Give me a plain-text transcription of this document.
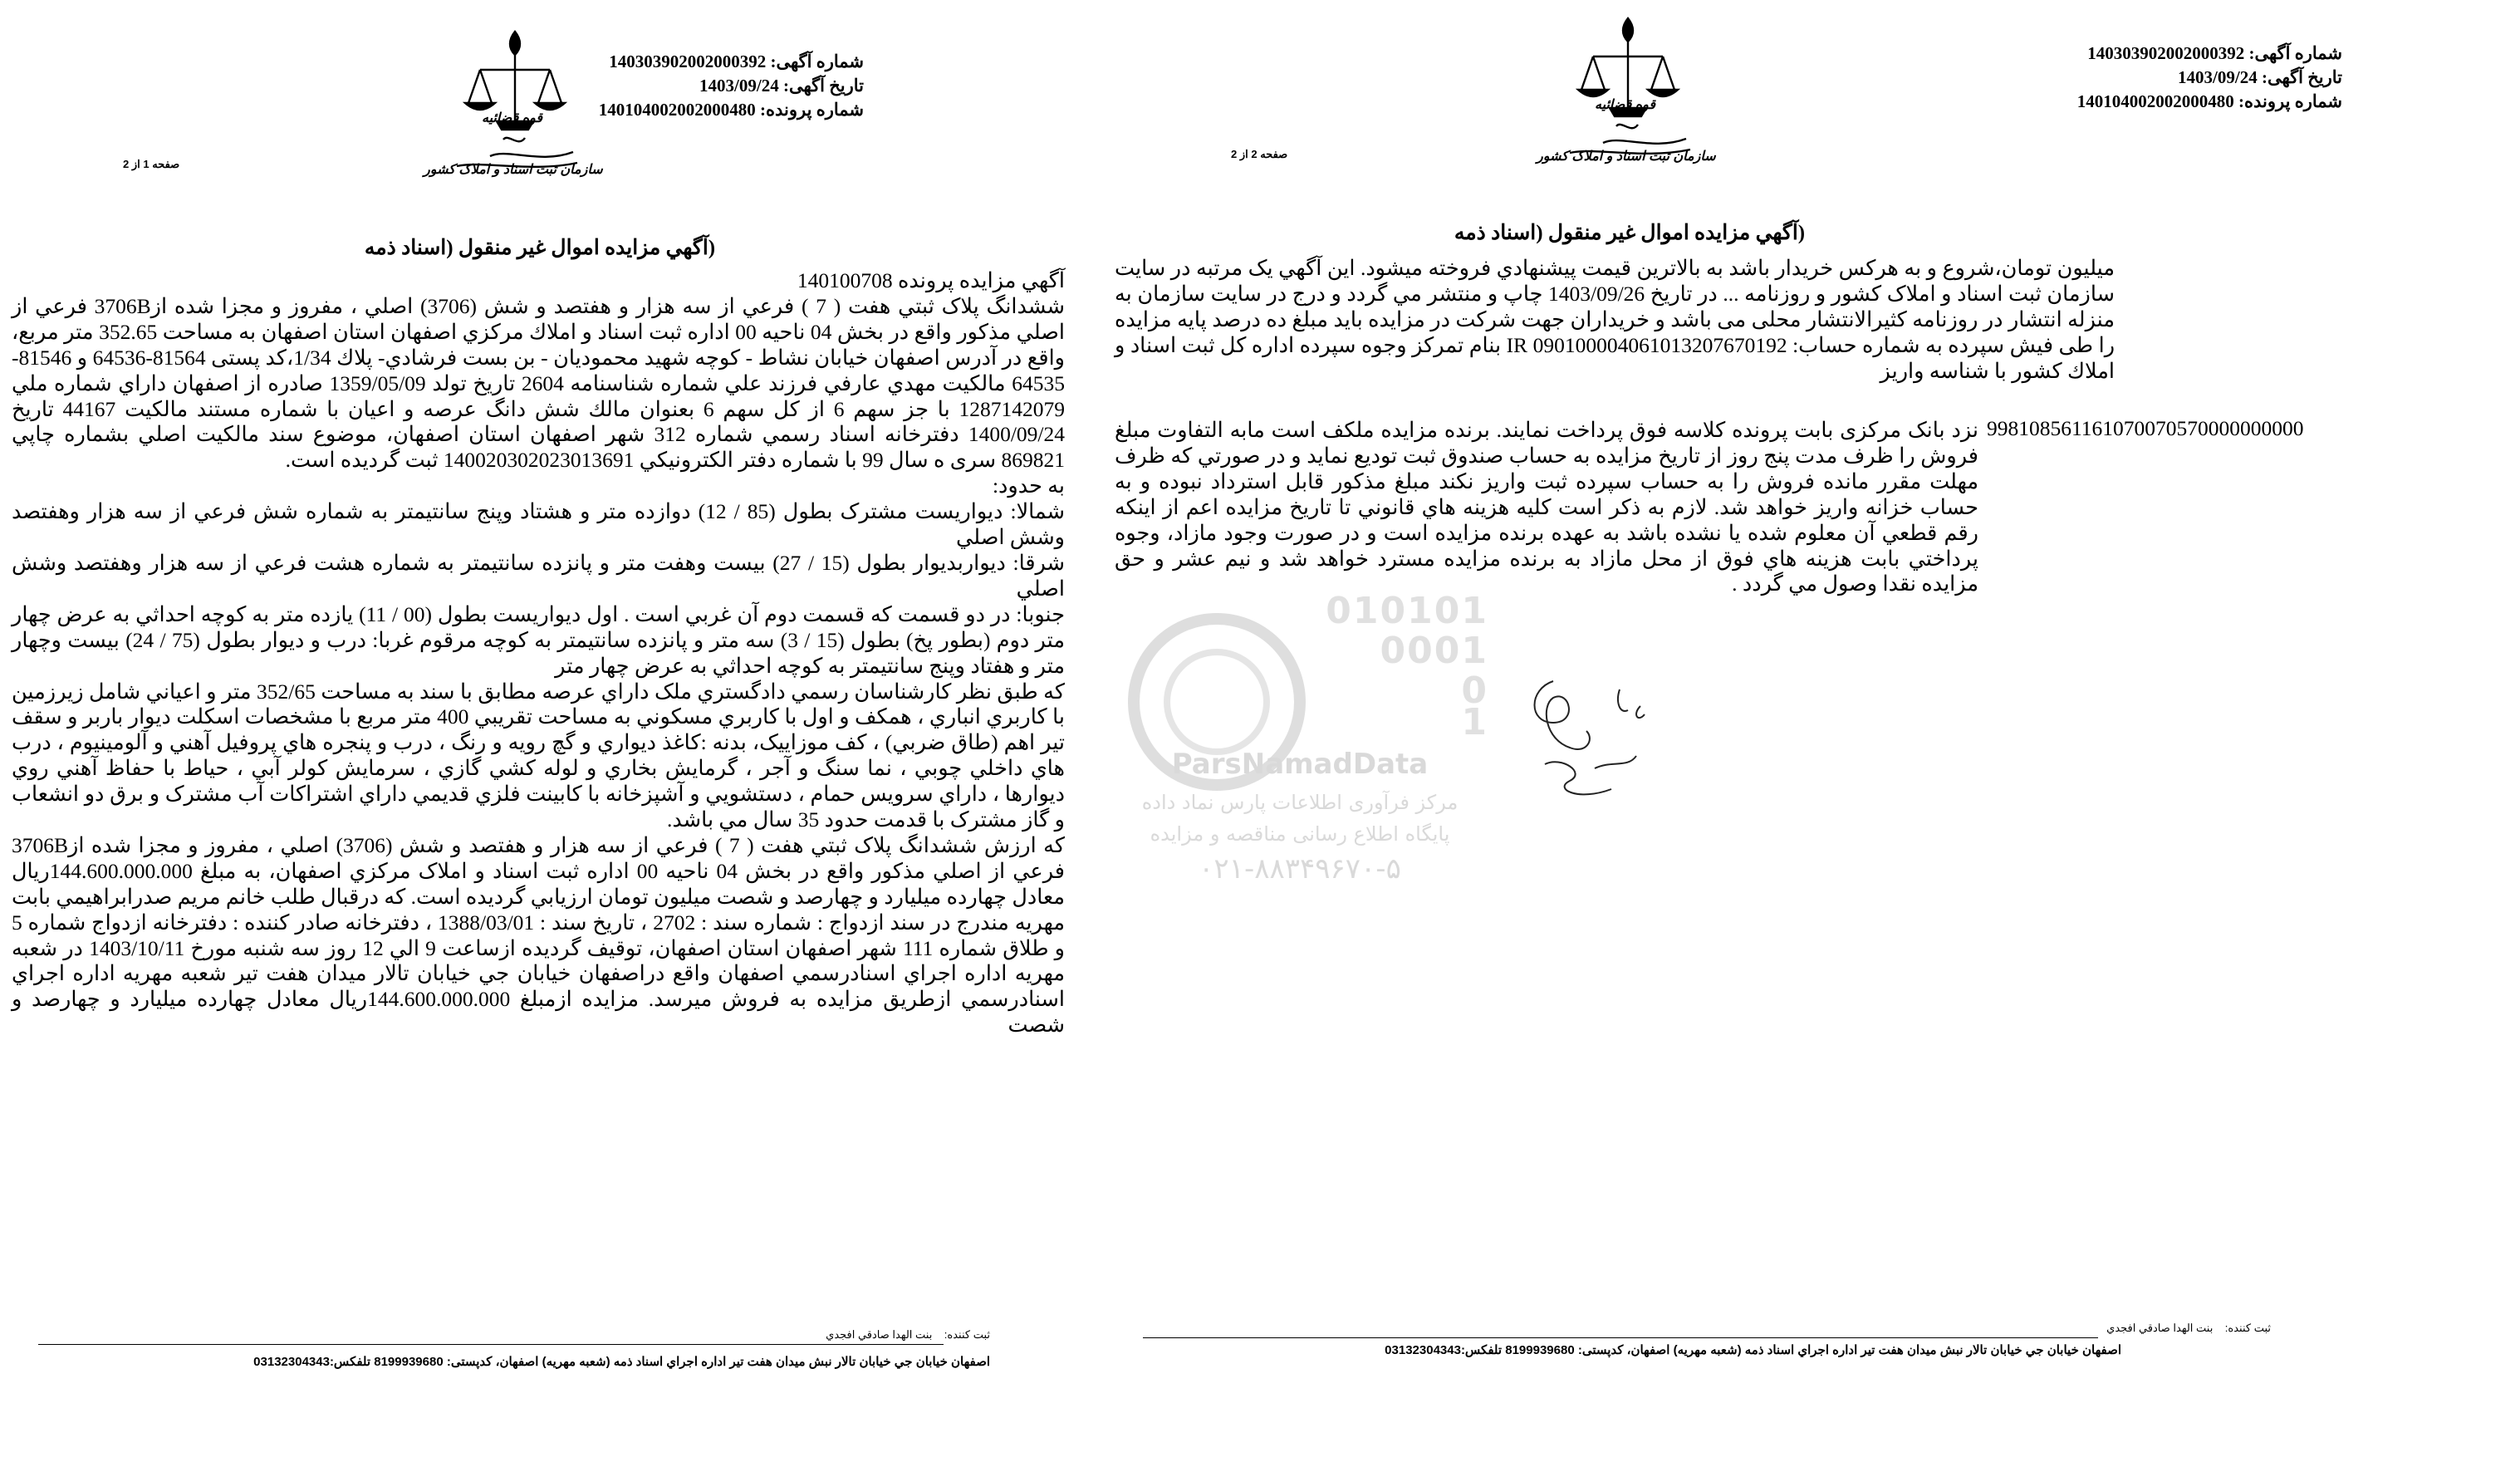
قوه قضائیه
سازمان ثبت اسناد و املاک کشور
شماره آگهی: 140303902002000392
تاریخ آگهی: 1403/09/24
شماره پرونده: 140104002002000480
صفحه 1 از 2
(آگهي مزايده اموال غير منقول (اسناد ذمه

آگهي مزايده پرونده 140100708

ششدانگ پلاک ثبتي هفت ( 7 ) فرعي از سه هزار و هفتصد و شش (3706) اصلي ، مفروز و مجزا شده از3706B فرعي از اصلي مذكور واقع در بخش 04 ناحيه 00 اداره ثبت اسناد و املاك مركزي اصفهان استان اصفهان به مساحت 352.65 متر مربع، واقع در آدرس اصفهان خيابان نشاط - کوچه شهيد محمودیان - بن بست فرشادي- پلاك 1/34،کد پستی 81564-64536 و 81546-64535 مالكيت مهدي عارفي فرزند علي شماره شناسنامه 2604 تاريخ تولد 1359/05/09 صادره از اصفهان داراي شماره ملي 1287142079 با جز سهم 6 از كل سهم 6 بعنوان مالك شش دانگ عرصه و اعيان با شماره مستند مالكيت 44167 تاريخ 1400/09/24 دفترخانه اسناد رسمي شماره 312 شهر اصفهان استان اصفهان، موضوع سند مالكيت اصلي بشماره چاپي 869821 سری ه سال 99 با شماره دفتر الكترونيكي 140020302023013691 ثبت گرديده است.

به حدود:

شمالا: ديواريست مشترک بطول (85 / 12) دوازده متر و هشتاد وپنج سانتيمتر به شماره شش فرعي از سه هزار وهفتصد وشش اصلي

شرقا: ديواربديوار بطول (15 / 27) بيست وهفت متر و پانزده سانتيمتر به شماره هشت فرعي از سه هزار وهفتصد وشش اصلي

جنوبا: در دو قسمت كه قسمت دوم آن غربي است . اول ديواريست بطول (00 / 11) يازده متر به كوچه احداثي به عرض چهار متر دوم (بطور پخ) بطول (15 / 3) سه متر و پانزده سانتيمتر به كوچه مرقوم غربا: درب و ديوار بطول (75 / 24) بيست وچهار متر و هفتاد وپنج سانتيمتر به كوچه احداثي به عرض چهار متر

كه طبق نظر كارشناسان رسمي دادگستري ملک داراي عرصه مطابق با سند به مساحت 352/65 متر و اعياني شامل زيرزمين با كاربري انباري ، همكف و اول با كاربري مسكوني به مساحت تقريبي 400 متر مربع با مشخصات اسكلت ديوار باربر و سقف تير اهم (طاق ضربي) ، كف موزاييک، بدنه :كاغذ ديواري و گچ رويه و رنگ ، درب و پنجره هاي پروفيل آهني و آلومينيوم ، درب هاي داخلي چوبي ، نما سنگ و آجر ، گرمايش بخاري و لوله كشي گازي ، سرمايش كولر آبي ، حياط با حفاظ آهني روي ديوارها ، داراي سرويس حمام ، دستشويي و آشپزخانه با كابينت فلزي قديمي داراي اشتراكات آب مشترک و برق دو انشعاب و گاز مشترک با قدمت حدود 35 سال مي باشد.

كه ارزش ششدانگ پلاک ثبتي هفت ( 7 ) فرعي از سه هزار و هفتصد و شش (3706) اصلي ، مفروز و مجزا شده از3706B فرعي از اصلي مذكور واقع در بخش 04 ناحيه 00 اداره ثبت اسناد و املاک مرکزي اصفهان، به مبلغ 144.600.000.000ريال معادل چهارده ميليارد و چهارصد و شصت ميليون تومان ارزيابي گرديده است. كه درقبال طلب خانم مريم صدرابراهيمي بابت مهريه مندرج در سند ازدواج : شماره سند : 2702 ، تاريخ سند : 1388/03/01 ، دفترخانه صادر كننده : دفترخانه ازدواج شماره 5 و طلاق شماره 111 شهر اصفهان استان اصفهان، توقيف گرديده ازساعت 9 الي 12 روز سه شنبه مورخ 1403/10/11 در شعبه مهريه اداره اجراي اسنادرسمي اصفهان واقع دراصفهان خيابان جي خيابان تالار ميدان هفت تير شعبه مهريه اداره اجراي اسنادرسمي ازطريق مزايده به فروش ميرسد. مزايده ازمبلغ 144.600.000.000ريال معادل چهارده ميليارد و چهارصد و شصت

ثبت کننده:    بنت الهدا صادقي افجدي
اصفهان خيابان جي خيابان تالار نبش ميدان هفت تير اداره اجراي اسناد ذمه (شعبه مهريه) اصفهان، کدپستی: 8199939680 تلفکس:03132304343
قوه قضائیه
سازمان ثبت اسناد و املاک کشور
شماره آگهی: 140303902002000392
تاریخ آگهی: 1403/09/24
شماره پرونده: 140104002002000480
صفحه 2 از 2
(آگهي مزايده اموال غير منقول (اسناد ذمه

ميليون تومان،شروع و به هركس خريدار باشد به بالاترين قيمت پيشنهادي فروخته ميشود. اين آگهي يک مرتبه در سايت سازمان ثبت اسناد و املاک کشور و روزنامه ... در تاريخ 1403/09/26 چاپ و منتشر مي گردد و درج در سايت سازمان به منزله انتشار در روزنامه كثيرالانتشار محلی می باشد و خریداران جهت شرکت در مزایده باید مبلغ ده درصد پايه مزايده را طی فیش سپرده به شماره حساب: IR 090100004061013207670192 بنام تمركز وجوه سپرده اداره كل ثبت اسناد و املاك كشور با شناسه واريز

998108561161070070570000000000

نزد بانک مرکزی بابت پرونده کلاسه فوق پرداخت نمایند. برنده مزايده ملكف است مابه التفاوت مبلغ فروش را ظرف مدت پنج روز از تاريخ مزايده به حساب صندوق ثبت توديع نمايد و در صورتي كه ظرف مهلت مقرر مانده فروش را به حساب سپرده ثبت واريز نكند مبلغ مذكور قابل استرداد نبوده و به حساب خزانه واريز خواهد شد. لازم به ذكر است كليه هزينه هاي قانوني تا تاريخ مزايده اعم از اينكه رقم قطعي آن معلوم شده يا نشده باشد به عهده برنده مزايده است و در صورت وجود مازاد، وجوه پرداختي بابت هزينه هاي فوق از محل مازاد به برنده مزايده مسترد خواهد شد و نيم عشر و حق مزايده نقدا وصول مي گردد .

ثبت کننده:    بنت الهدا صادقي افجدي
اصفهان خيابان جي خيابان تالار نبش ميدان هفت تير اداره اجراي اسناد ذمه (شعبه مهريه) اصفهان، کدپستی: 8199939680 تلفکس:03132304343
010101
0001
0
1
ParsNamadData
مرکز فرآوری اطلاعات پارس نماد داده
پایگاه اطلاع رسانی مناقصه و مزایده
۰۲۱-۸۸۳۴۹۶۷۰-۵
